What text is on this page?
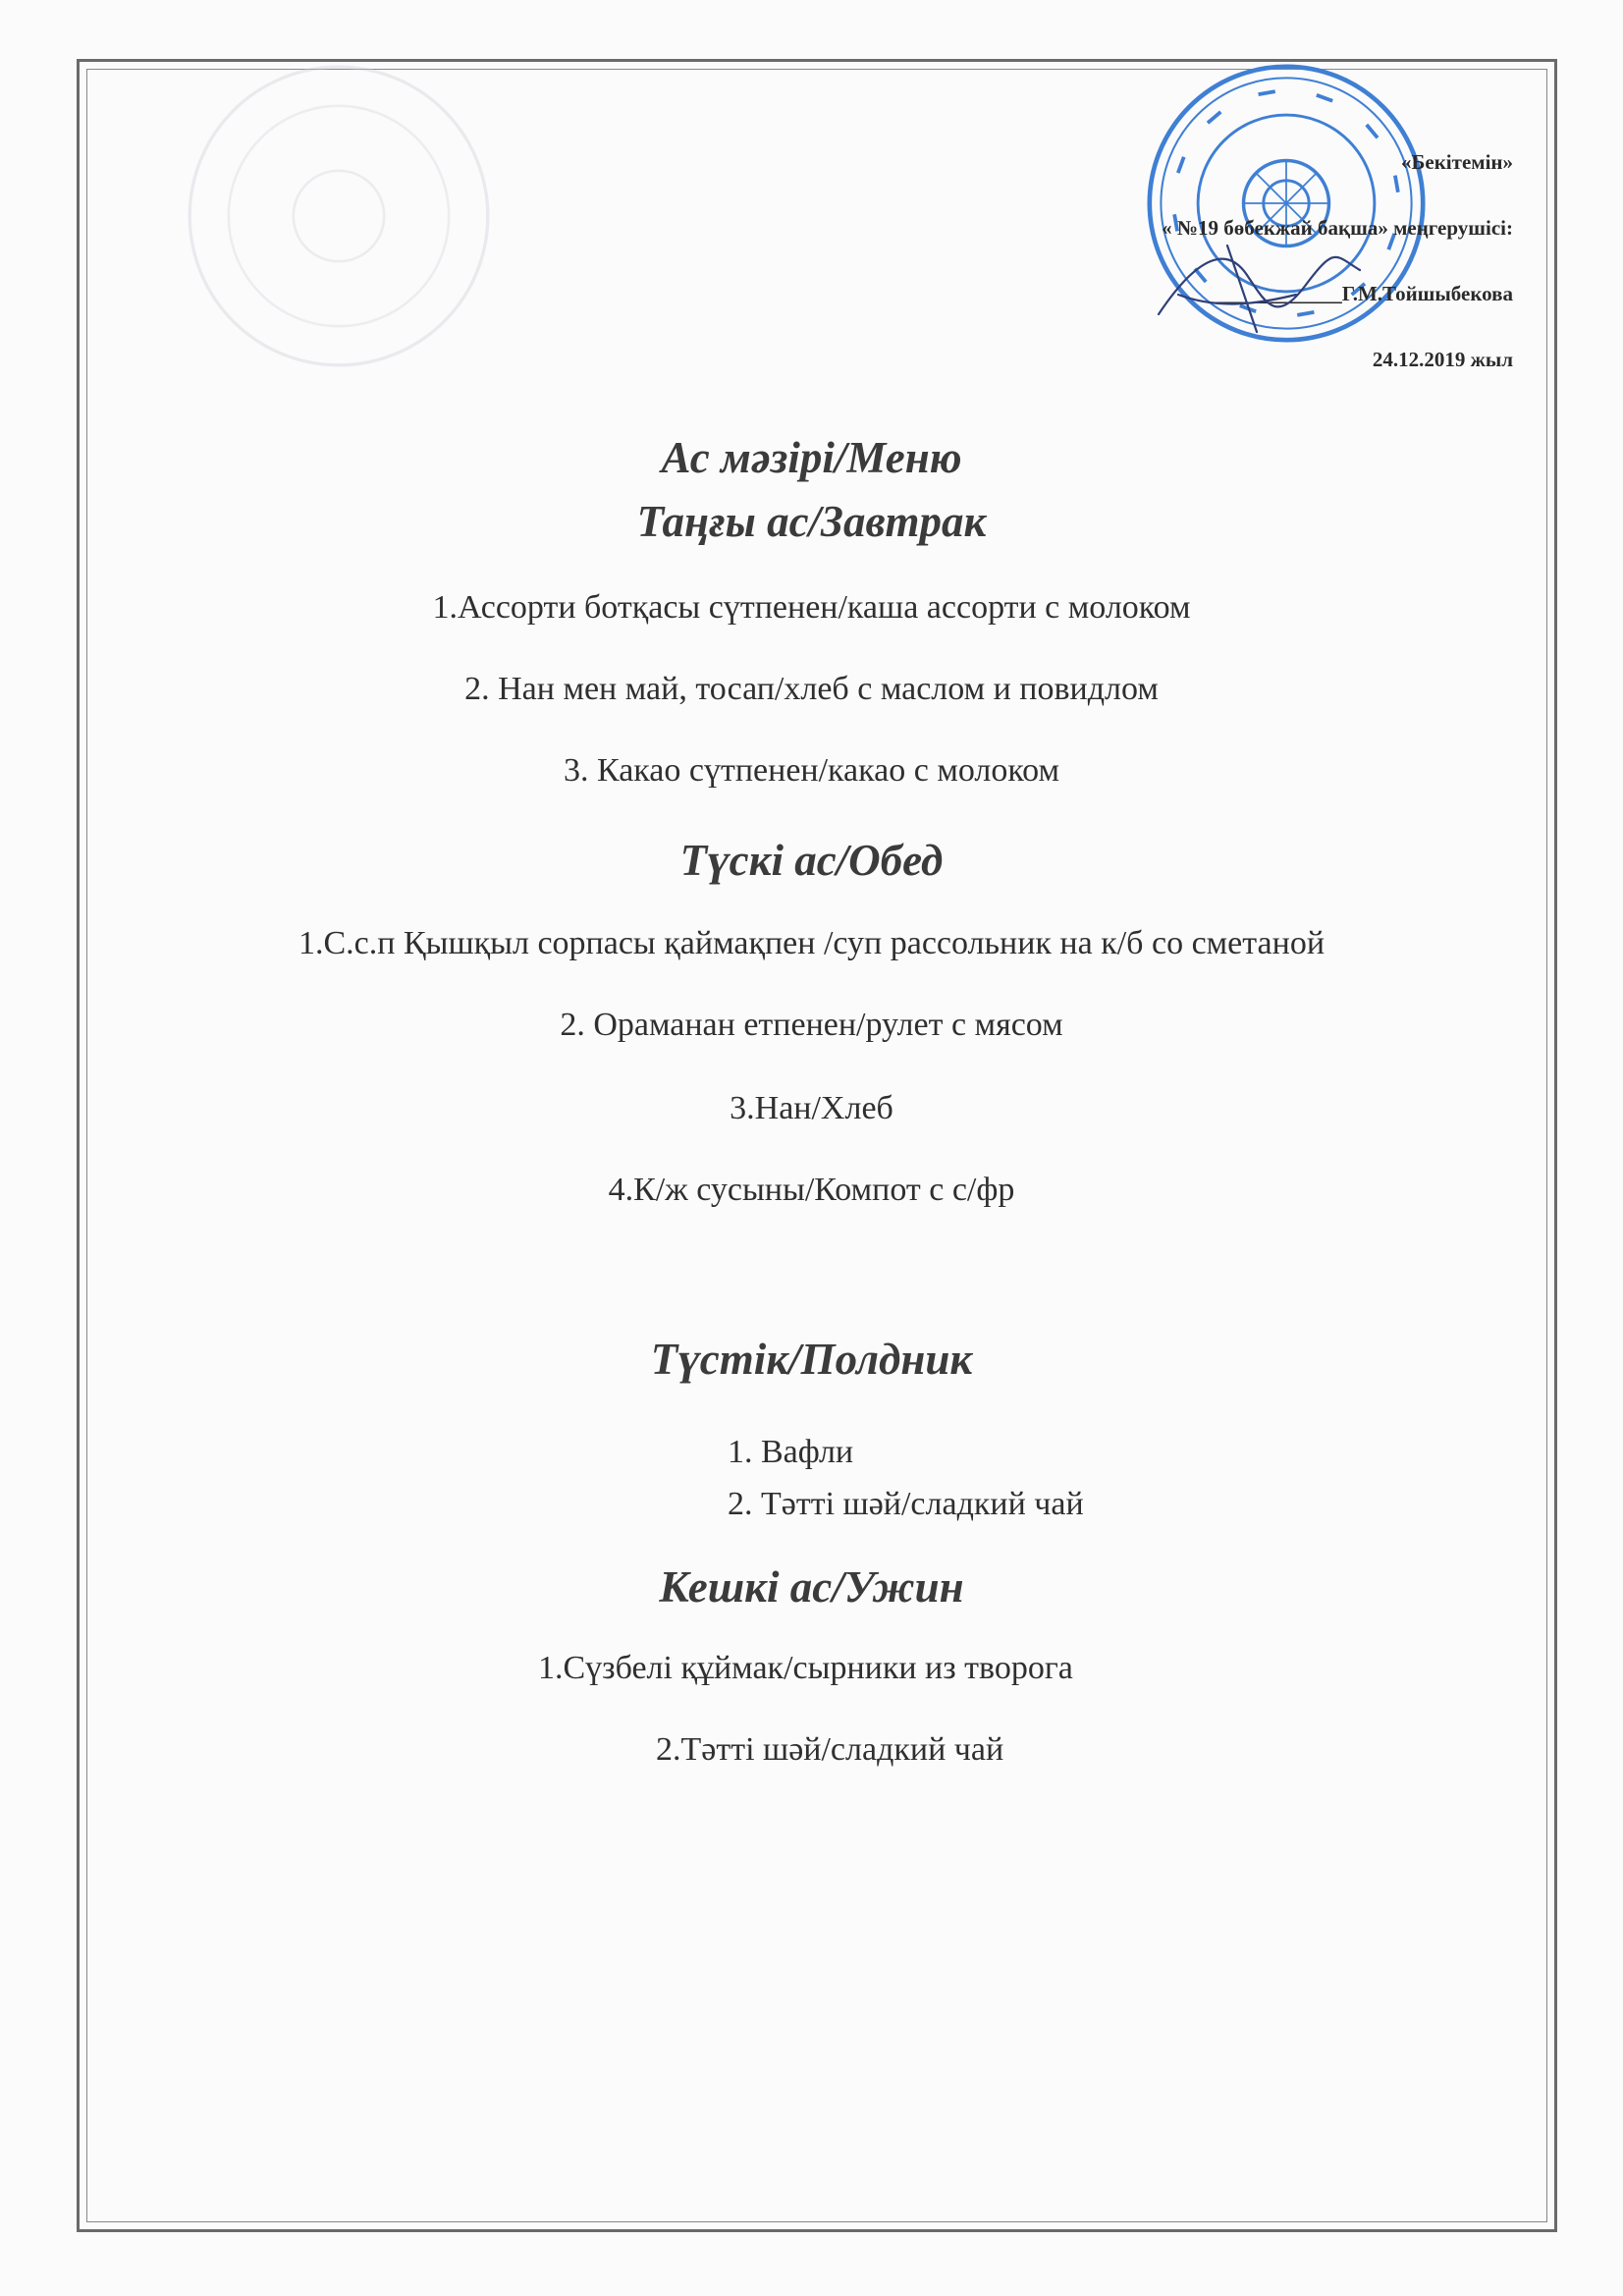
«Бекітемін»
« №19 бөбекжай бақша» меңгерушісі:
_____________Г.М.Тойшыбекова
24.12.2019 жыл
Ас мәзірі/Меню
Таңғы ас/Завтрак
1.Ассорти ботқасы сүтпенен/каша ассорти с молоком
2. Нан мен май, тосап/хлеб с маслом и повидлом
3. Какао сүтпенен/какао с молоком
Түскі ас/Обед
1.С.с.п Қышқыл сорпасы қаймақпен /суп рассольник на к/б со сметаной
2. Ораманан етпенен/рулет с мясом
3.Нан/Хлеб
4.К/ж сусыны/Компот с с/фр
Түстік/Полдник
1. Вафли
2. Тәтті шәй/сладкий чай
Кешкі ас/Ужин
1.Сүзбелі құймак/сырники из творога
2.Тәтті шәй/сладкий чай
